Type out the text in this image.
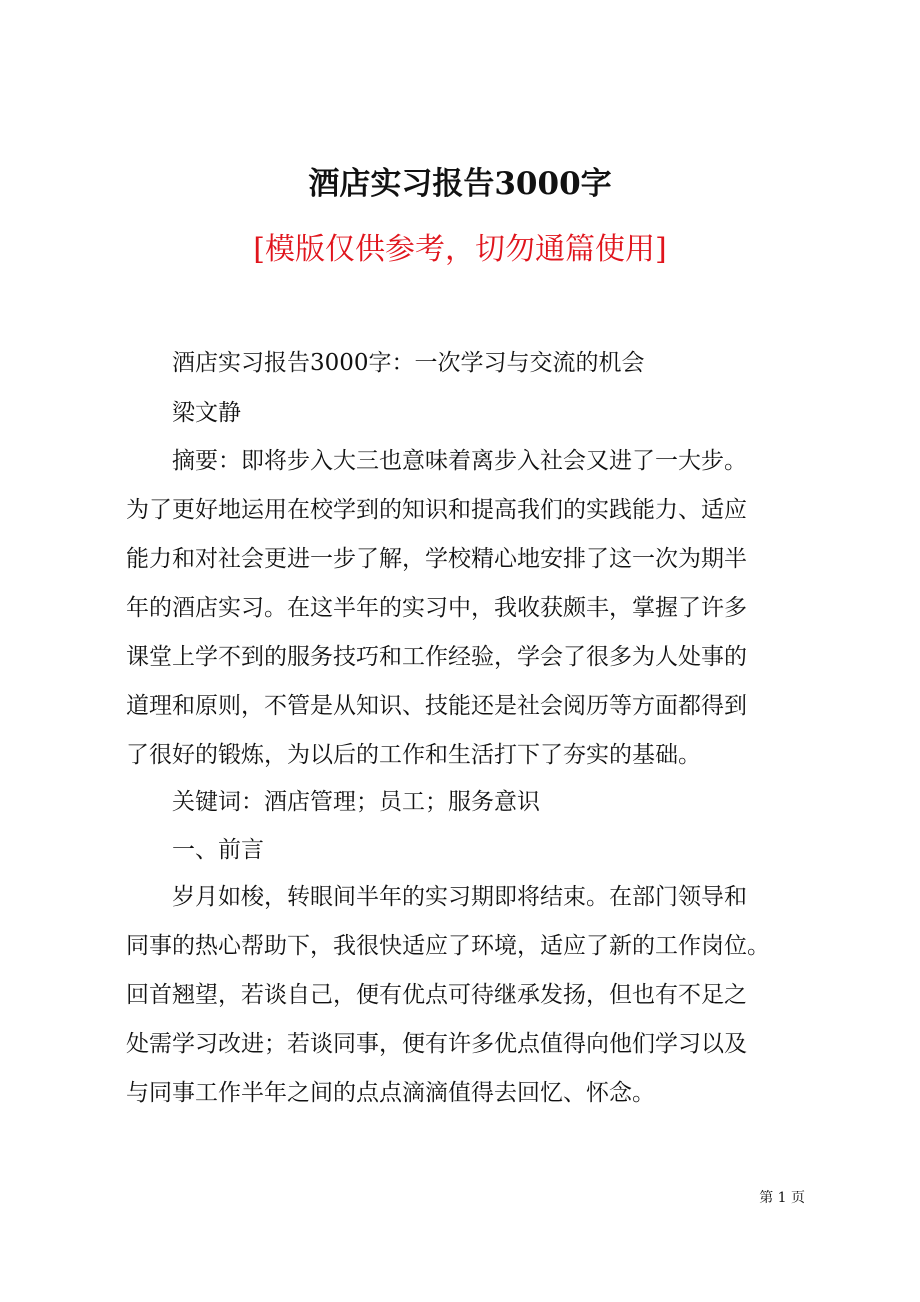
酒店实习报告3000字
[模版仅供参考，切勿通篇使用]
酒店实习报告3000字：一次学习与交流的机会
梁文静
摘要：即将步入大三也意味着离步入社会又进了一大步。
为了更好地运用在校学到的知识和提高我们的实践能力、适应
能力和对社会更进一步了解，学校精心地安排了这一次为期半
年的酒店实习。在这半年的实习中，我收获颇丰，掌握了许多
课堂上学不到的服务技巧和工作经验，学会了很多为人处事的
道理和原则，不管是从知识、技能还是社会阅历等方面都得到
了很好的锻炼，为以后的工作和生活打下了夯实的基础。
关键词：酒店管理；员工；服务意识
一、前言
岁月如梭，转眼间半年的实习期即将结束。在部门领导和
同事的热心帮助下，我很快适应了环境，适应了新的工作岗位。
回首翘望，若谈自己，便有优点可待继承发扬，但也有不足之
处需学习改进；若谈同事，便有许多优点值得向他们学习以及
与同事工作半年之间的点点滴滴值得去回忆、怀念。
第 1 页
